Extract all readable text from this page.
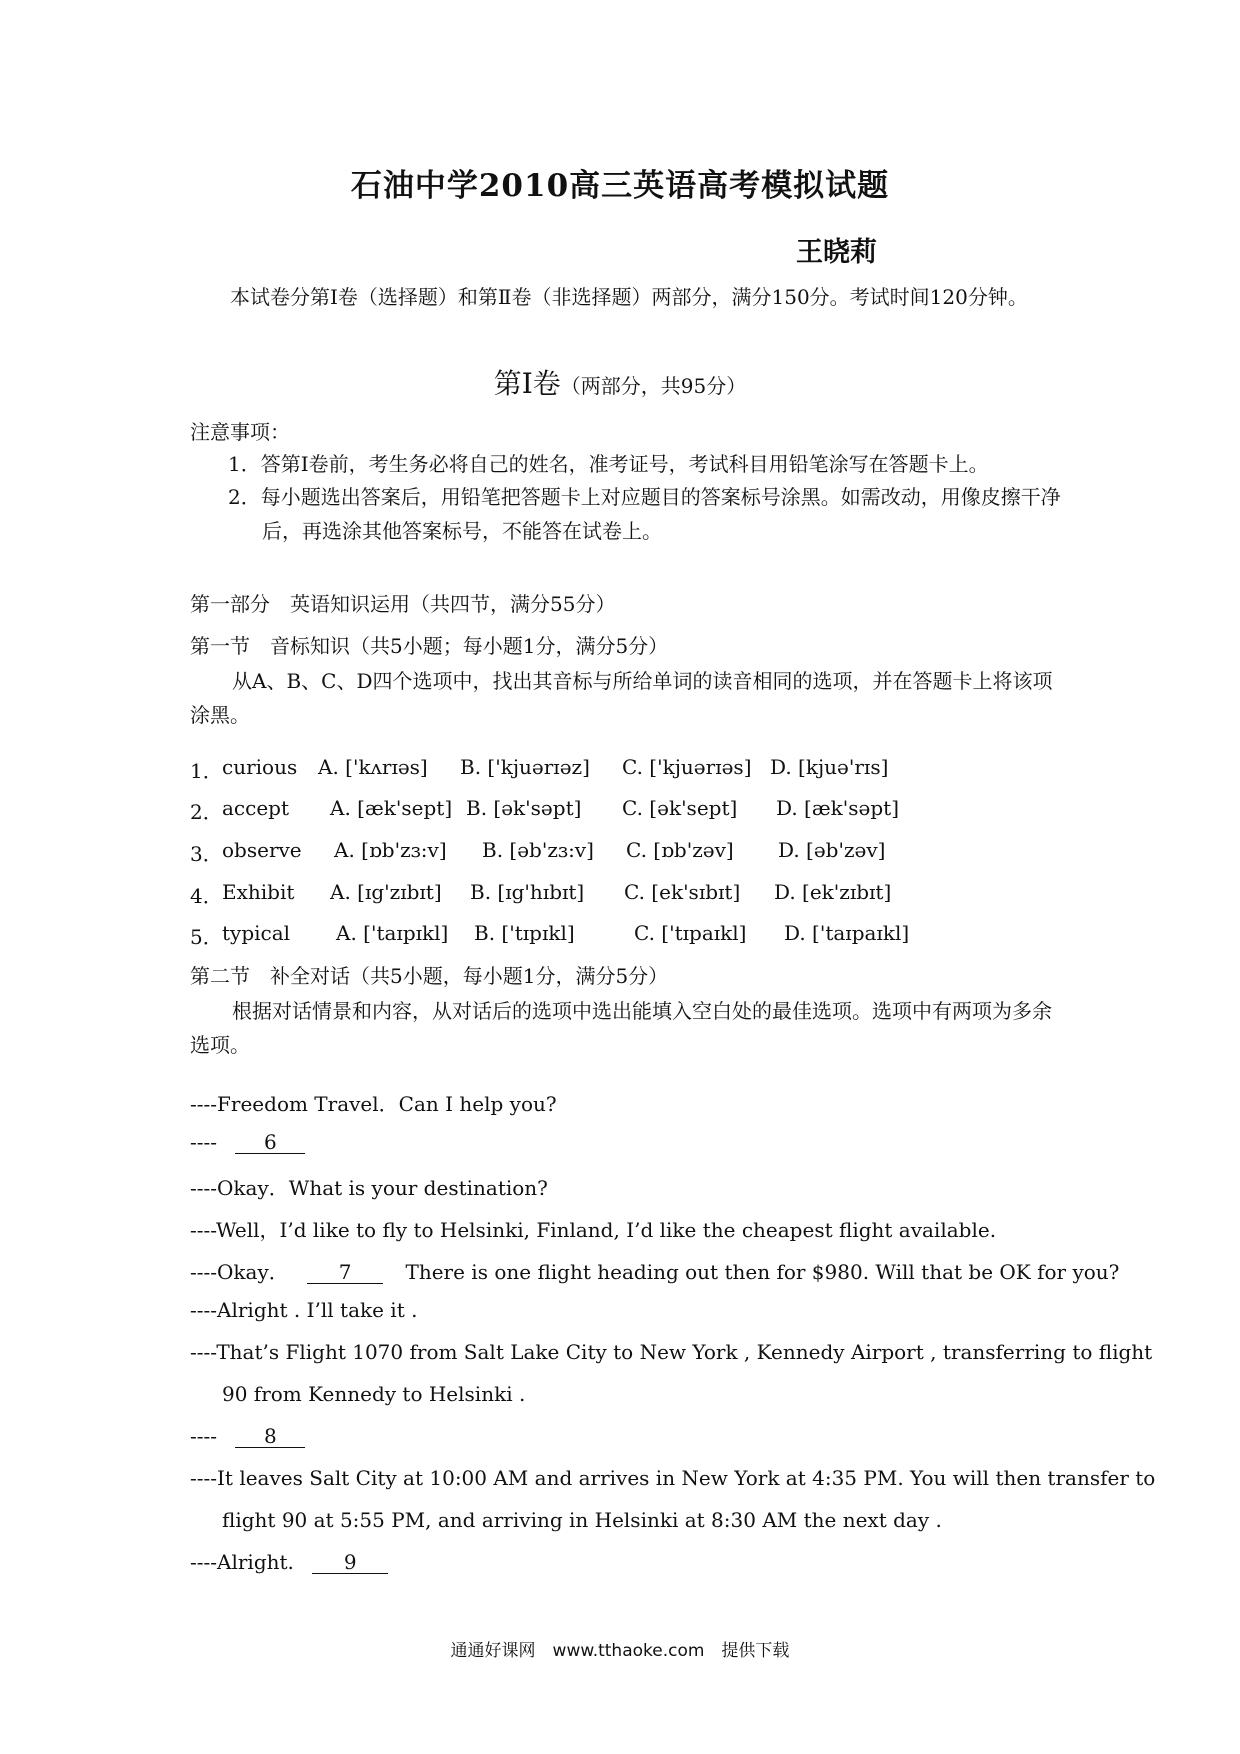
石油中学2010高三英语高考模拟试题
王晓莉
本试卷分第Ⅰ卷（选择题）和第Ⅱ卷（非选择题）两部分，满分150分。考试时间120分钟。
第Ⅰ卷（两部分，共95分）
注意事项：
1．答第Ⅰ卷前，考生务必将自己的姓名，准考证号，考试科目用铅笔涂写在答题卡上。
2．每小题选出答案后，用铅笔把答题卡上对应题目的答案标号涂黑。如需改动，用像皮擦干净后，再选涂其他答案标号，不能答在试卷上。
第一部分　英语知识运用（共四节，满分55分）
第一节　音标知识（共5小题；每小题1分，满分5分）
从A、B、C、D四个选项中，找出其音标与所给单词的读音相同的选项，并在答题卡上将该项涂黑。
1． curious A. ['kʌrɪəs] B. ['kjuərɪəz] C. ['kjuərɪəs] D. [kjuə'rɪs]
2． accept A. [æk'sept] B. [ək'səpt] C. [ək'sept] D. [æk'səpt]
3． observe A. [ɒb'zɜ:v] B. [əb'zɜ:v] C. [ɒb'zəv] D. [əb'zəv]
4． Exhibit A. [ɪg'zɪbɪt] B. [ɪg'hɪbɪt] C. [ek'sɪbɪt] D. [ek'zɪbɪt]
5． typical A. ['taɪpɪkl] B. ['tɪpɪkl]	C. ['tɪpaɪkl] D. ['taɪpaɪkl]
第二节　补全对话（共5小题，每小题1分，满分5分）
根据对话情景和内容，从对话后的选项中选出能填入空白处的最佳选项。选项中有两项为多余选项。
----Freedom Travel．Can I help you?
---- 6
----Okay．What is your destination?
----Well，I’d like to fly to Helsinki, Finland, I’d like the cheapest flight available.
----Okay． 7	There is one flight heading out then for $980. Will that be OK for you?
----Alright . I’ll take it .
----That’s Flight 1070 from Salt Lake City to New York , Kennedy Airport , transferring to flight
90 from Kennedy to Helsinki .
---- 8
----It leaves Salt City at 10:00 AM and arrives in New York at 4:35 PM. You will then transfer to
flight 90 at 5:55 PM, and arriving in Helsinki at 8:30 AM the next day .
----Alright. 9
通通好课网　www.tthaoke.com　提供下载
